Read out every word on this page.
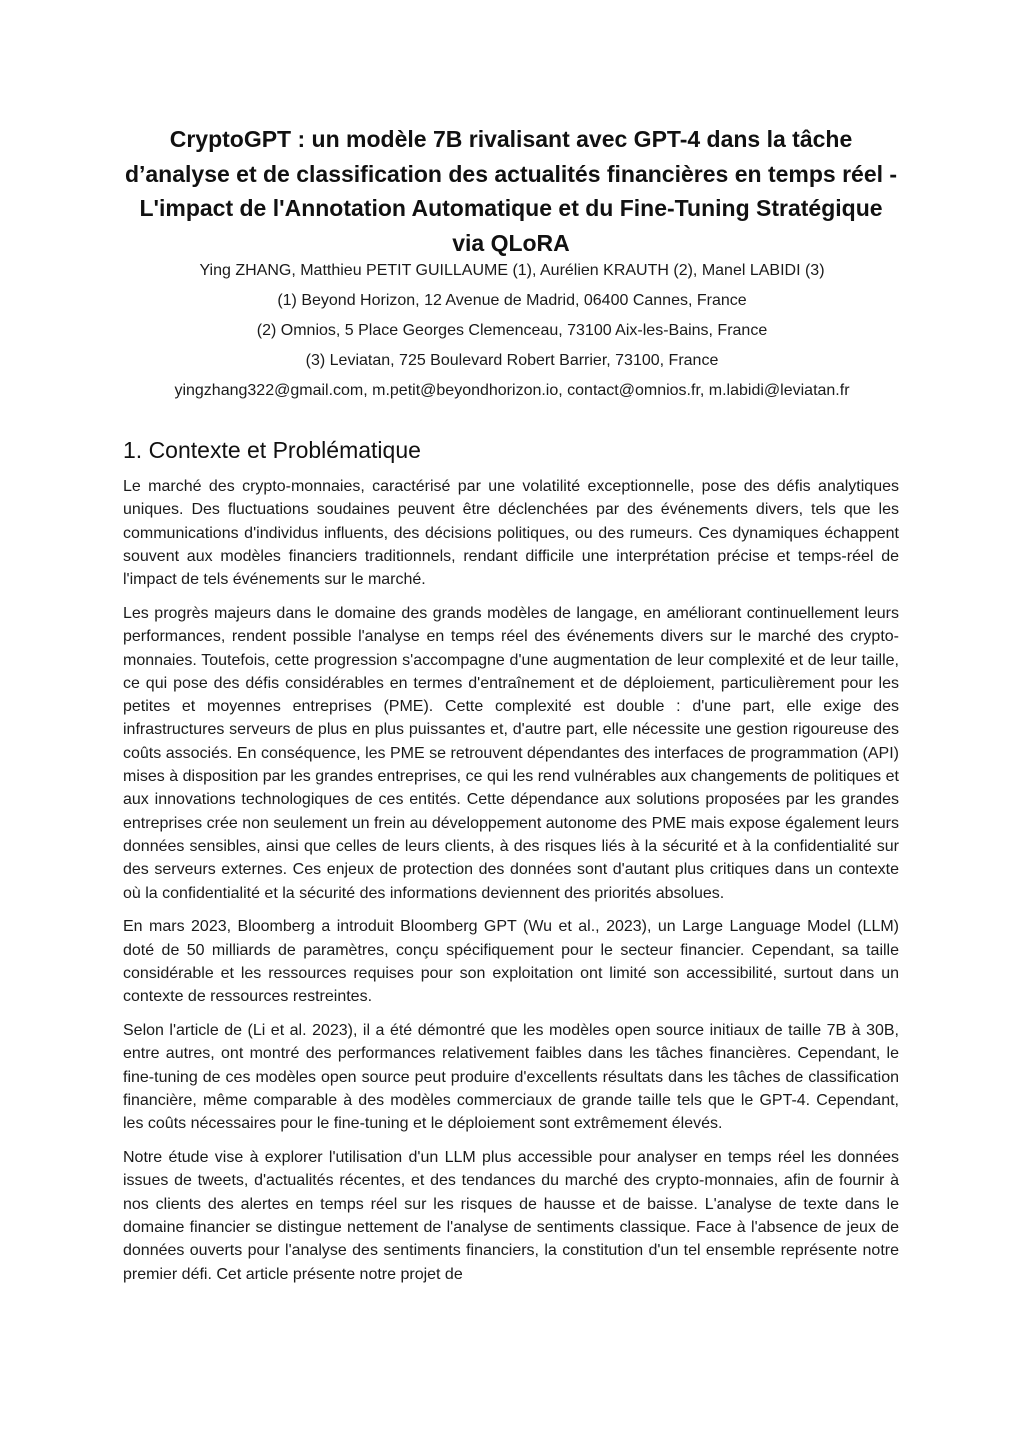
CryptoGPT : un modèle 7B rivalisant avec GPT-4 dans la tâche d’analyse et de classification des actualités financières en temps réel - L'impact de l'Annotation Automatique et du Fine-Tuning Stratégique via QLoRA
Ying ZHANG, Matthieu PETIT GUILLAUME (1), Aurélien KRAUTH (2), Manel LABIDI (3)
(1) Beyond Horizon, 12 Avenue de Madrid, 06400 Cannes, France
(2) Omnios, 5 Place Georges Clemenceau, 73100 Aix-les-Bains, France
(3) Leviatan, 725 Boulevard Robert Barrier, 73100, France
yingzhang322@gmail.com, m.petit@beyondhorizon.io, contact@omnios.fr, m.labidi@leviatan.fr
1. Contexte et Problématique

Le marché des crypto-monnaies, caractérisé par une volatilité exceptionnelle, pose des défis analytiques uniques. Des fluctuations soudaines peuvent être déclenchées par des événements divers, tels que les communications d'individus influents, des décisions politiques, ou des rumeurs. Ces dynamiques échappent souvent aux modèles financiers traditionnels, rendant difficile une interprétation précise et temps-réel de l'impact de tels événements sur le marché.

Les progrès majeurs dans le domaine des grands modèles de langage, en améliorant continuellement leurs performances, rendent possible l'analyse en temps réel des événements divers sur le marché des crypto-monnaies. Toutefois, cette progression s'accompagne d'une augmentation de leur complexité et de leur taille, ce qui pose des défis considérables en termes d'entraînement et de déploiement, particulièrement pour les petites et moyennes entreprises (PME). Cette complexité est double : d'une part, elle exige des infrastructures serveurs de plus en plus puissantes et, d'autre part, elle nécessite une gestion rigoureuse des coûts associés. En conséquence, les PME se retrouvent dépendantes des interfaces de programmation (API) mises à disposition par les grandes entreprises, ce qui les rend vulnérables aux changements de politiques et aux innovations technologiques de ces entités. Cette dépendance aux solutions proposées par les grandes entreprises crée non seulement un frein au développement autonome des PME mais expose également leurs données sensibles, ainsi que celles de leurs clients, à des risques liés à la sécurité et à la confidentialité sur des serveurs externes. Ces enjeux de protection des données sont d'autant plus critiques dans un contexte où la confidentialité et la sécurité des informations deviennent des priorités absolues.

En mars 2023, Bloomberg a introduit Bloomberg GPT (Wu et al., 2023), un Large Language Model (LLM) doté de 50 milliards de paramètres, conçu spécifiquement pour le secteur financier. Cependant, sa taille considérable et les ressources requises pour son exploitation ont limité son accessibilité, surtout dans un contexte de ressources restreintes.

Selon l'article de (Li et al. 2023), il a été démontré que les modèles open source initiaux de taille 7B à 30B, entre autres, ont montré des performances relativement faibles dans les tâches financières. Cependant, le fine-tuning de ces modèles open source peut produire d'excellents résultats dans les tâches de classification financière, même comparable à des modèles commerciaux de grande taille tels que le GPT-4. Cependant, les coûts nécessaires pour le fine-tuning et le déploiement sont extrêmement élevés.

Notre étude vise à explorer l'utilisation d'un LLM plus accessible pour analyser en temps réel les données issues de tweets, d'actualités récentes, et des tendances du marché des crypto-monnaies, afin de fournir à nos clients des alertes en temps réel sur les risques de hausse et de baisse. L'analyse de texte dans le domaine financier se distingue nettement de l'analyse de sentiments classique. Face à l'absence de jeux de données ouverts pour l'analyse des sentiments financiers, la constitution d'un tel ensemble représente notre premier défi. Cet article présente notre projet de
